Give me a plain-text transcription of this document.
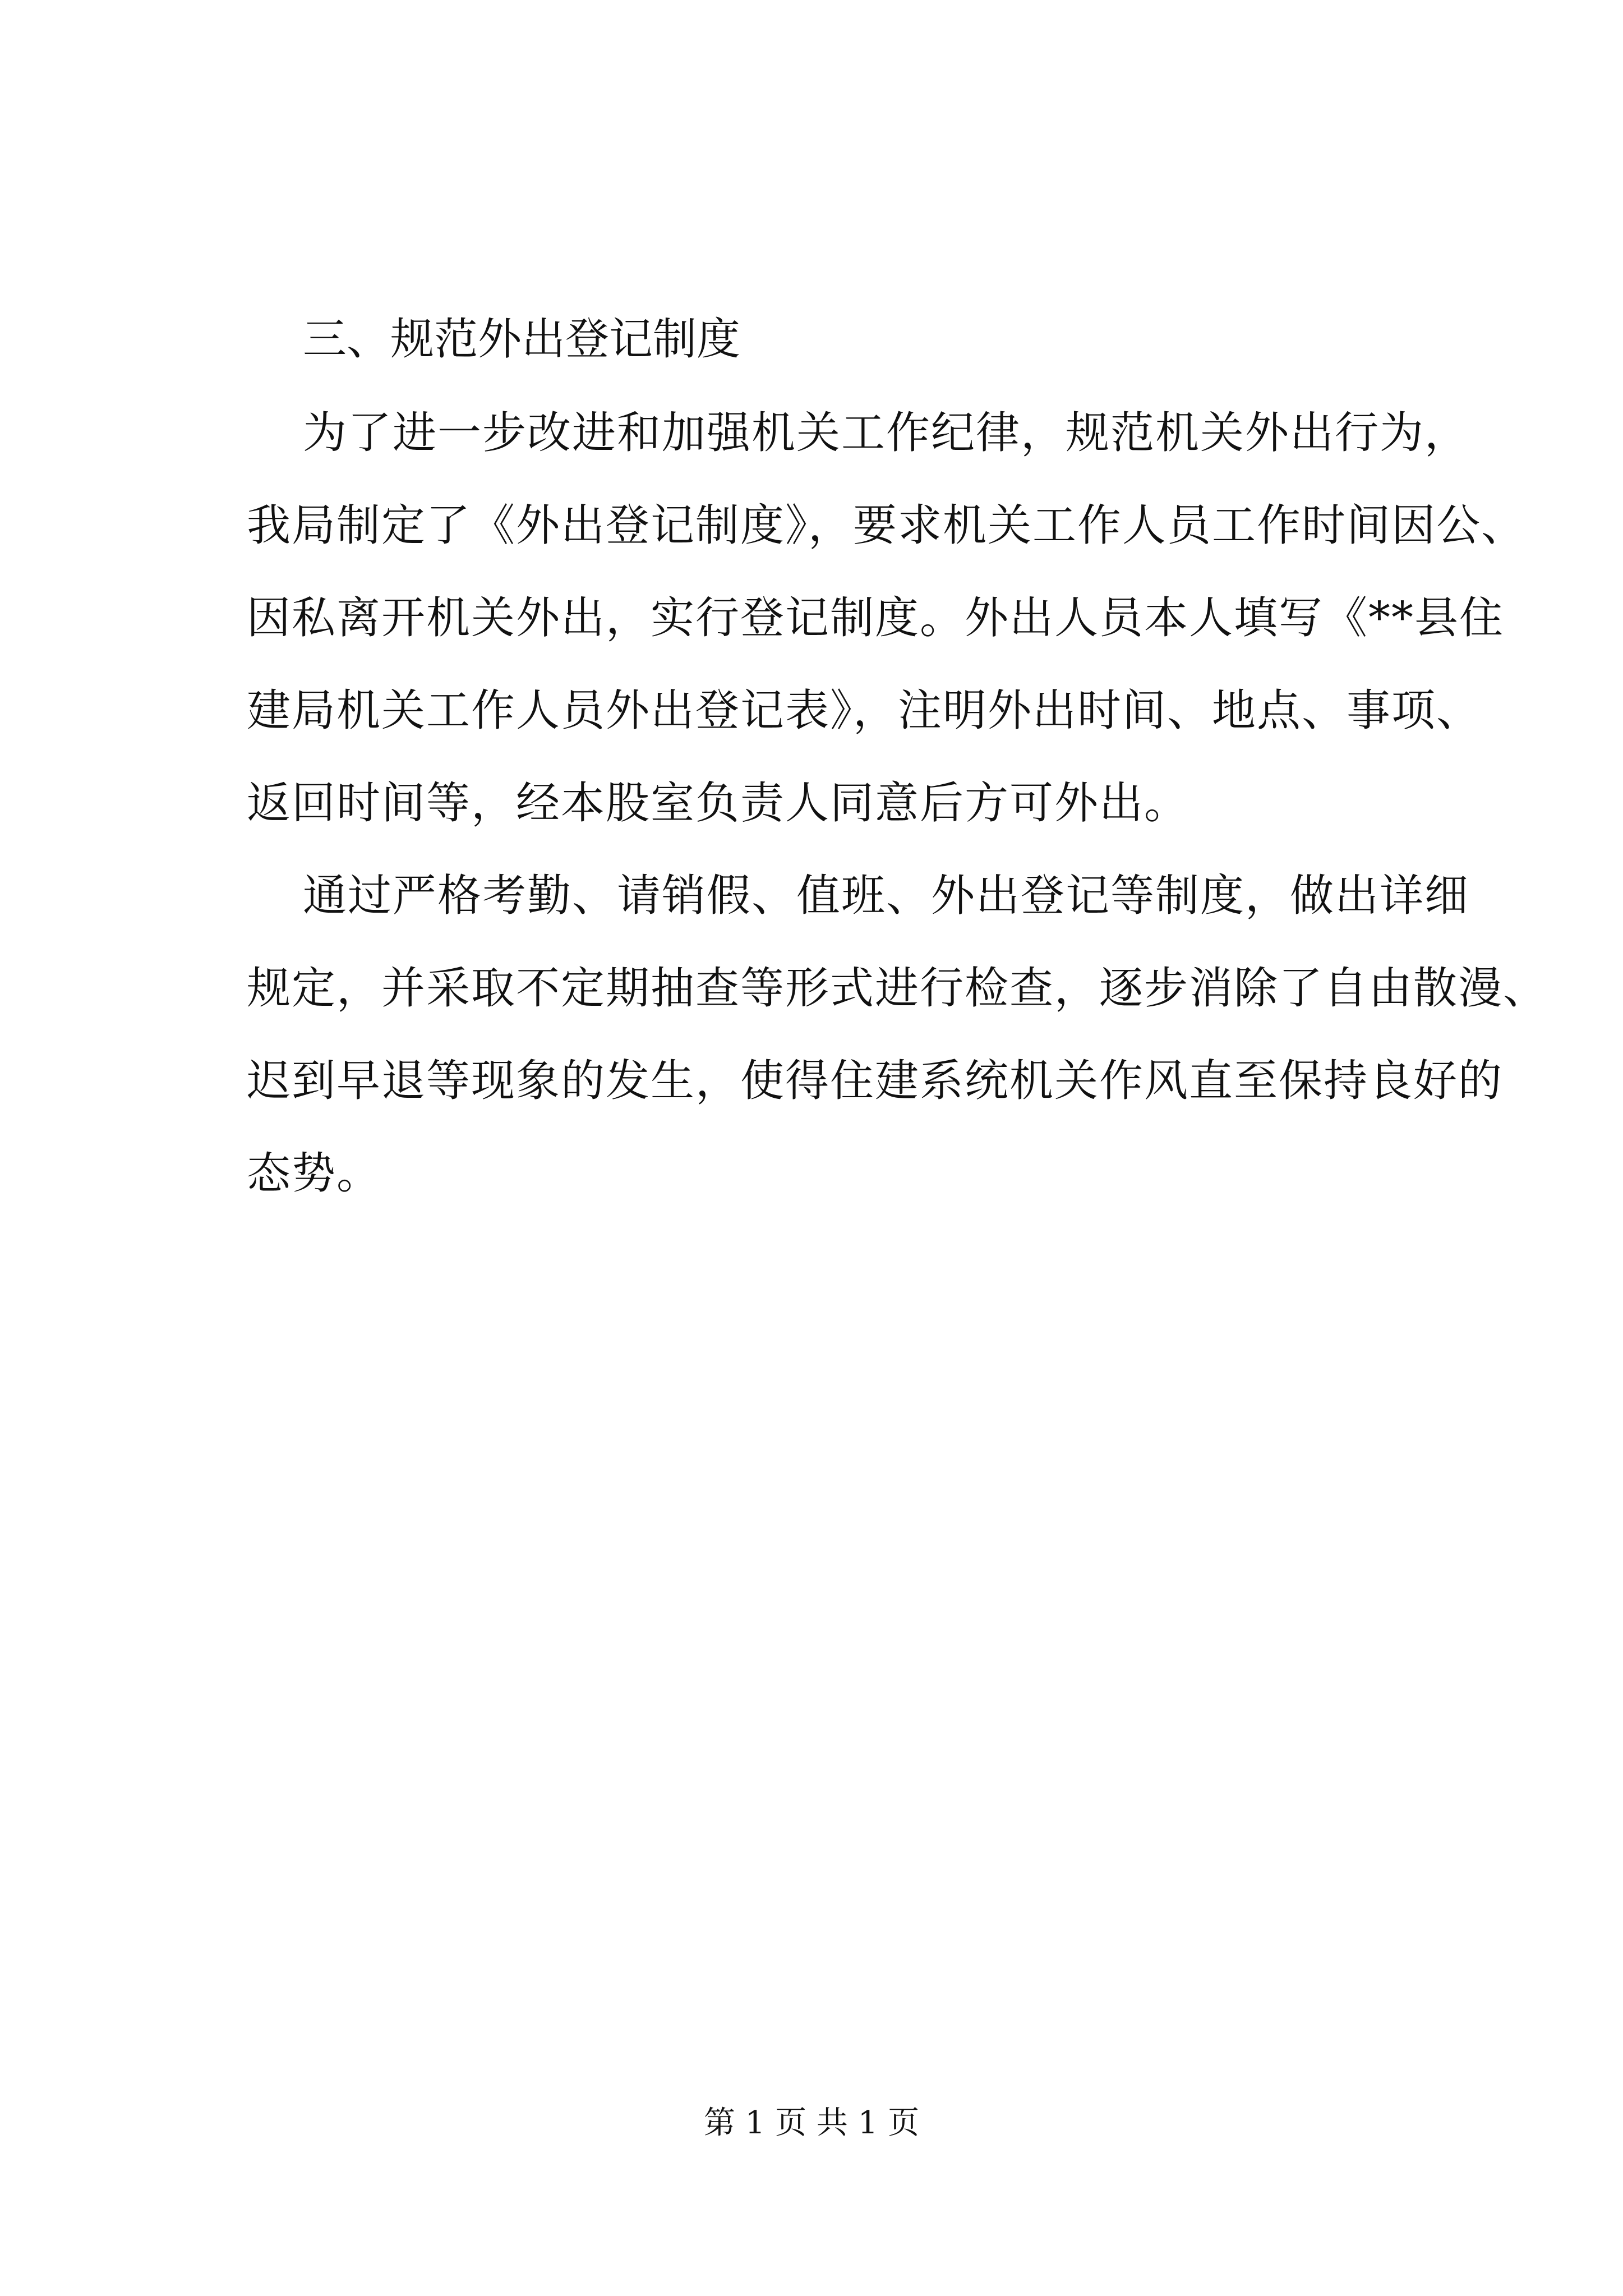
三、规范外出登记制度
为了进一步改进和加强机关工作纪律，规范机关外出行为，
我局制定了《外出登记制度》，要求机关工作人员工作时间因公、
因私离开机关外出，实行登记制度。外出人员本人填写《**县住
建局机关工作人员外出登记表》，注明外出时间、地点、事项、
返回时间等，经本股室负责人同意后方可外出。
通过严格考勤、请销假、值班、外出登记等制度，做出详细
规定，并采取不定期抽查等形式进行检查，逐步消除了自由散漫、
迟到早退等现象的发生，使得住建系统机关作风直至保持良好的
态势。
第 1 页 共 1 页
